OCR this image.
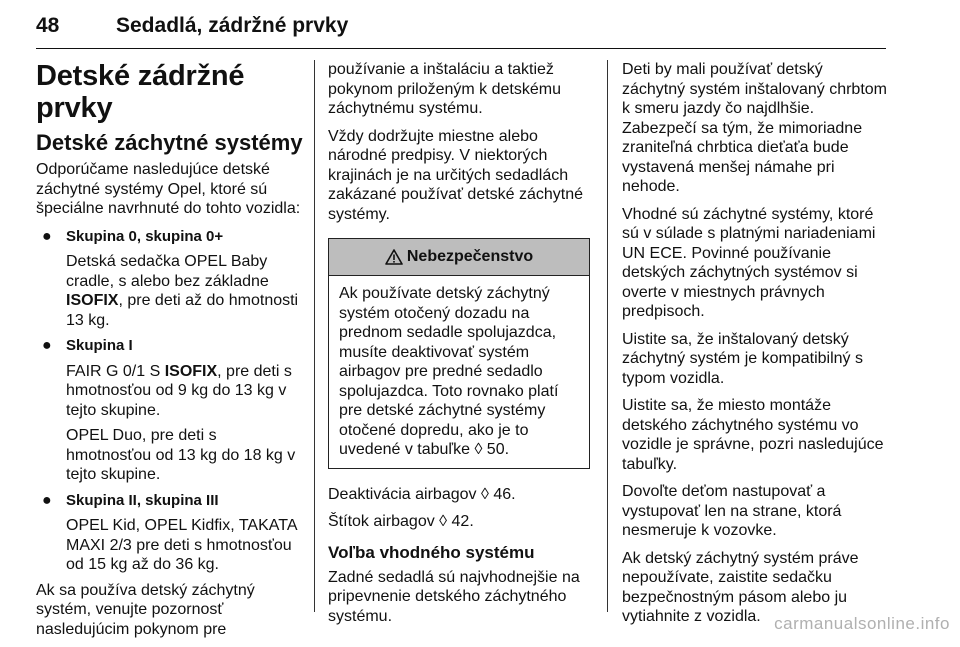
48	Sedadlá, zádržné prvky
Detské zádržné prvky
Detské záchytné systémy

Odporúčame nasledujúce detské záchytné systémy Opel, ktoré sú špeciálne navrhnuté do tohto vozidla:

● Skupina 0, skupina 0+

Detská sedačka OPEL Baby cradle, s alebo bez základne ISOFIX, pre deti až do hmotnosti 13 kg.

● Skupina I

FAIR G 0/1 S ISOFIX, pre deti s hmotnosťou od 9 kg do 13 kg v tejto skupine.

OPEL Duo, pre deti s hmotnosťou od 13 kg do 18 kg v tejto skupine.

● Skupina II, skupina III

OPEL Kid, OPEL Kidfix, TAKATA MAXI 2/3 pre deti s hmotnosťou od 15 kg až do 36 kg.

Ak sa používa detský záchytný systém, venujte pozornosť nasledujúcim pokynom pre

používanie a inštaláciu a taktiež pokynom priloženým k detskému záchytnému systému.

Vždy dodržujte miestne alebo národné predpisy. V niektorých krajinách je na určitých sedadlách zakázané používať detské záchytné systémy.

Nebezpečenstvo
Ak používate detský záchytný systém otočený dozadu na prednom sedadle spolujazdca, musíte deaktivovať systém airbagov pre predné sedadlo spolujazdca. Toto rovnako platí pre detské záchytné systémy otočené dopredu, ako je to uvedené v tabuľke ◊ 50.

Deaktivácia airbagov ◊ 46.

Štítok airbagov ◊ 42.

Voľba vhodného systému

Zadné sedadlá sú najvhodnejšie na pripevnenie detského záchytného systému.

Deti by mali používať detský záchytný systém inštalovaný chrbtom k smeru jazdy čo najdlhšie. Zabezpečí sa tým, že mimoriadne zraniteľná chrbtica dieťaťa bude vystavená menšej námahe pri nehode.

Vhodné sú záchytné systémy, ktoré sú v súlade s platnými nariadeniami UN ECE. Povinné používanie detských záchytných systémov si overte v miestnych právnych predpisoch.

Uistite sa, že inštalovaný detský záchytný systém je kompatibilný s typom vozidla.

Uistite sa, že miesto montáže detského záchytného systému vo vozidle je správne, pozri nasledujúce tabuľky.

Dovoľte deťom nastupovať a vystupovať len na strane, ktorá nesmeruje k vozovke.

Ak detský záchytný systém práve nepoužívate, zaistite sedačku bezpečnostným pásom alebo ju vytiahnite z vozidla. carmanualsonline.info
